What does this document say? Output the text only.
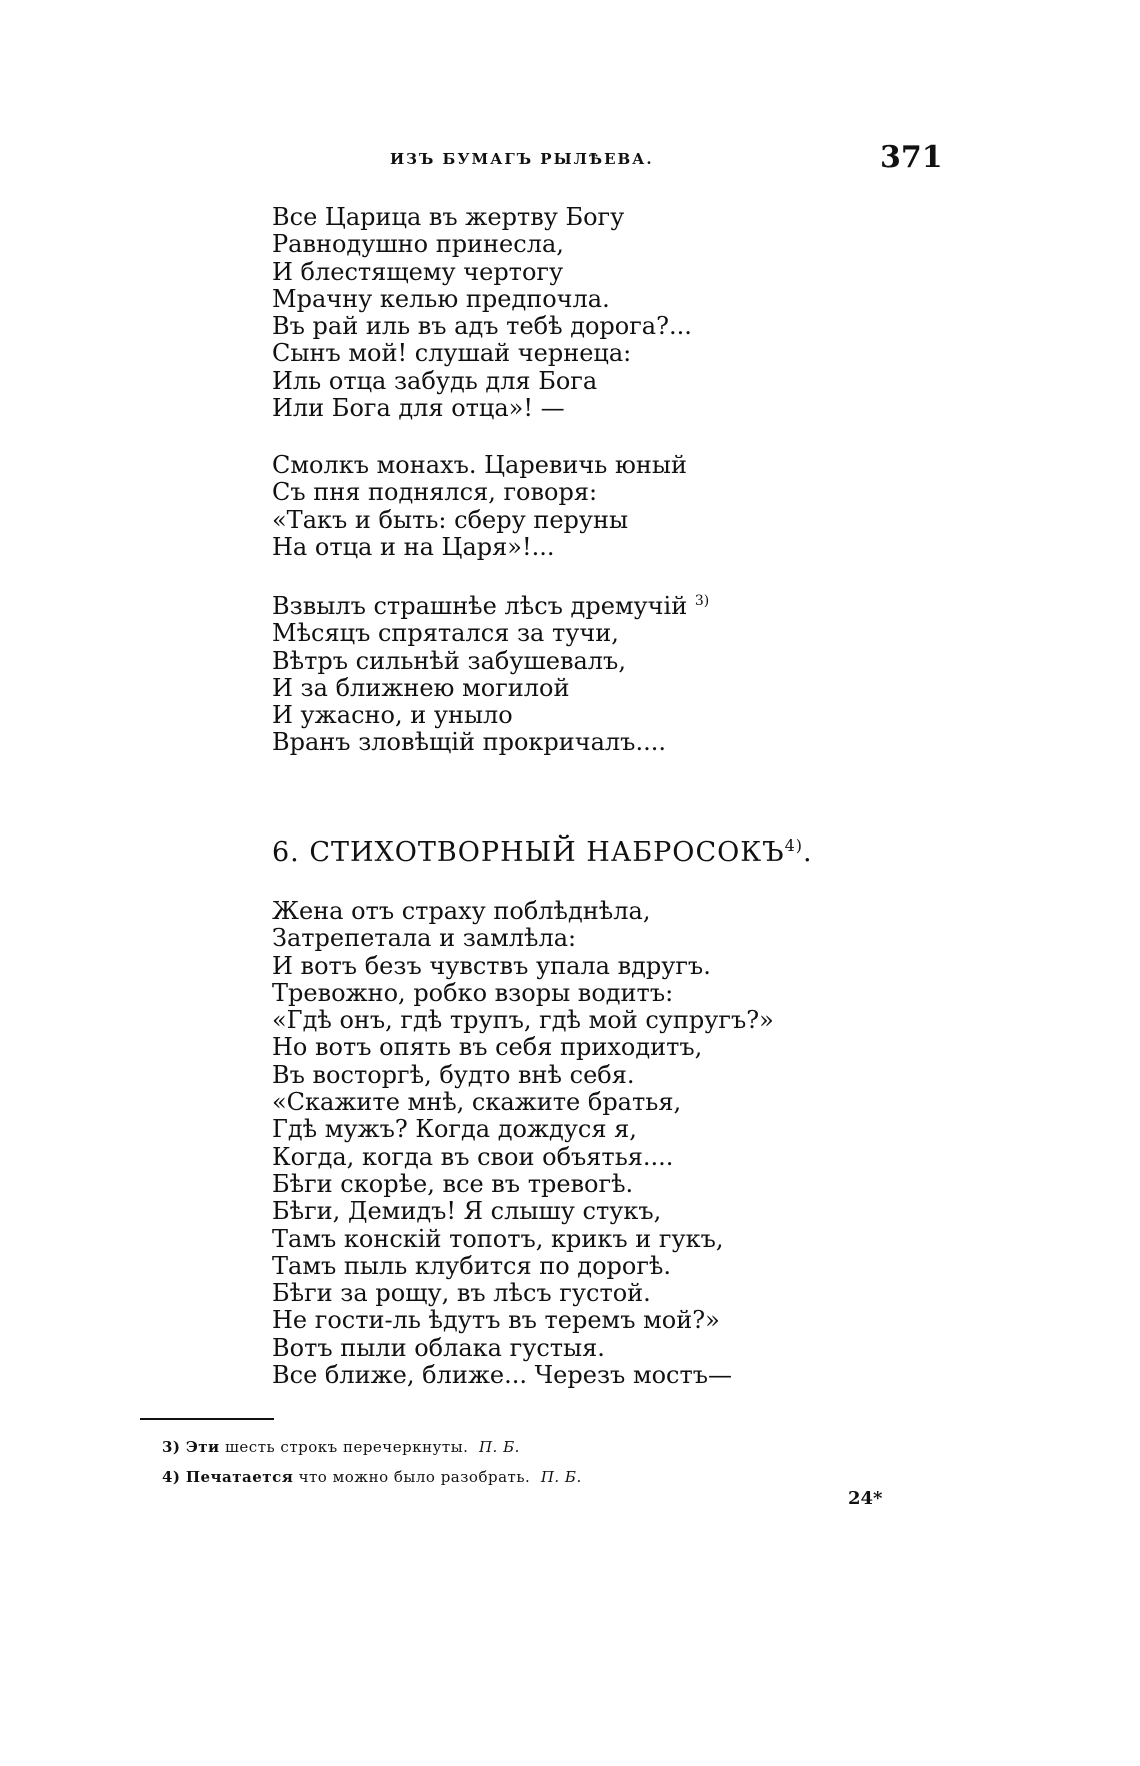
ИЗЪ БУМАГЪ РЫЛѢЕВА.	371
Все Царица въ жертву Богу
Равнодушно принесла,
И блестящему чертогу
Мрачну келью предпочла.
Въ рай иль въ адъ тебѣ дорога?...
Сынъ мой! слушай чернеца:
Иль отца забудь для Бога
Или Бога для отца»! —
Смолкъ монахъ. Царевичь юный
Съ пня поднялся, говоря:
«Такъ и быть: сберу перуны
На отца и на Царя»!...
Взвылъ страшнѣе лѣсъ дремучій $^{3)}$
Мѣсяцъ спрятался за тучи,
Вѣтръ сильнѣй забушевалъ,
И за ближнею могилой
И ужасно, и уныло
Вранъ зловѣщій прокричалъ....
6. СТИХОТВОРНЫЙ НАБРОСОКЪ$^{4)}$.
Жена отъ страху поблѣднѣла,
Затрепетала и замлѣла:
И вотъ безъ чувствъ упала вдругъ.
Тревожно, робко взоры водитъ:
«Гдѣ онъ, гдѣ трупъ, гдѣ мой супругъ?»
Но вотъ опять въ себя приходитъ,
Въ восторгѣ, будто внѣ себя.
«Скажите мнѣ, скажите братья,
Гдѣ мужъ? Когда дождуся я,
Когда, когда въ свои объятья....
Бѣги скорѣе, все въ тревогѣ.
Бѣги, Демидъ! Я слышу стукъ,
Тамъ конскій топотъ, крикъ и гукъ,
Тамъ пыль клубится по дорогѣ.
Бѣги за рощу, въ лѣсъ густой.
Не гости-ль ѣдутъ въ теремъ мой?»
Вотъ пыли облака густыя.
Все ближе, ближе... Черезъ мостъ—
3) Эти шесть строкъ перечеркнуты. П. Б.
4) Печатается что можно было разобрать. П. Б.
24*
